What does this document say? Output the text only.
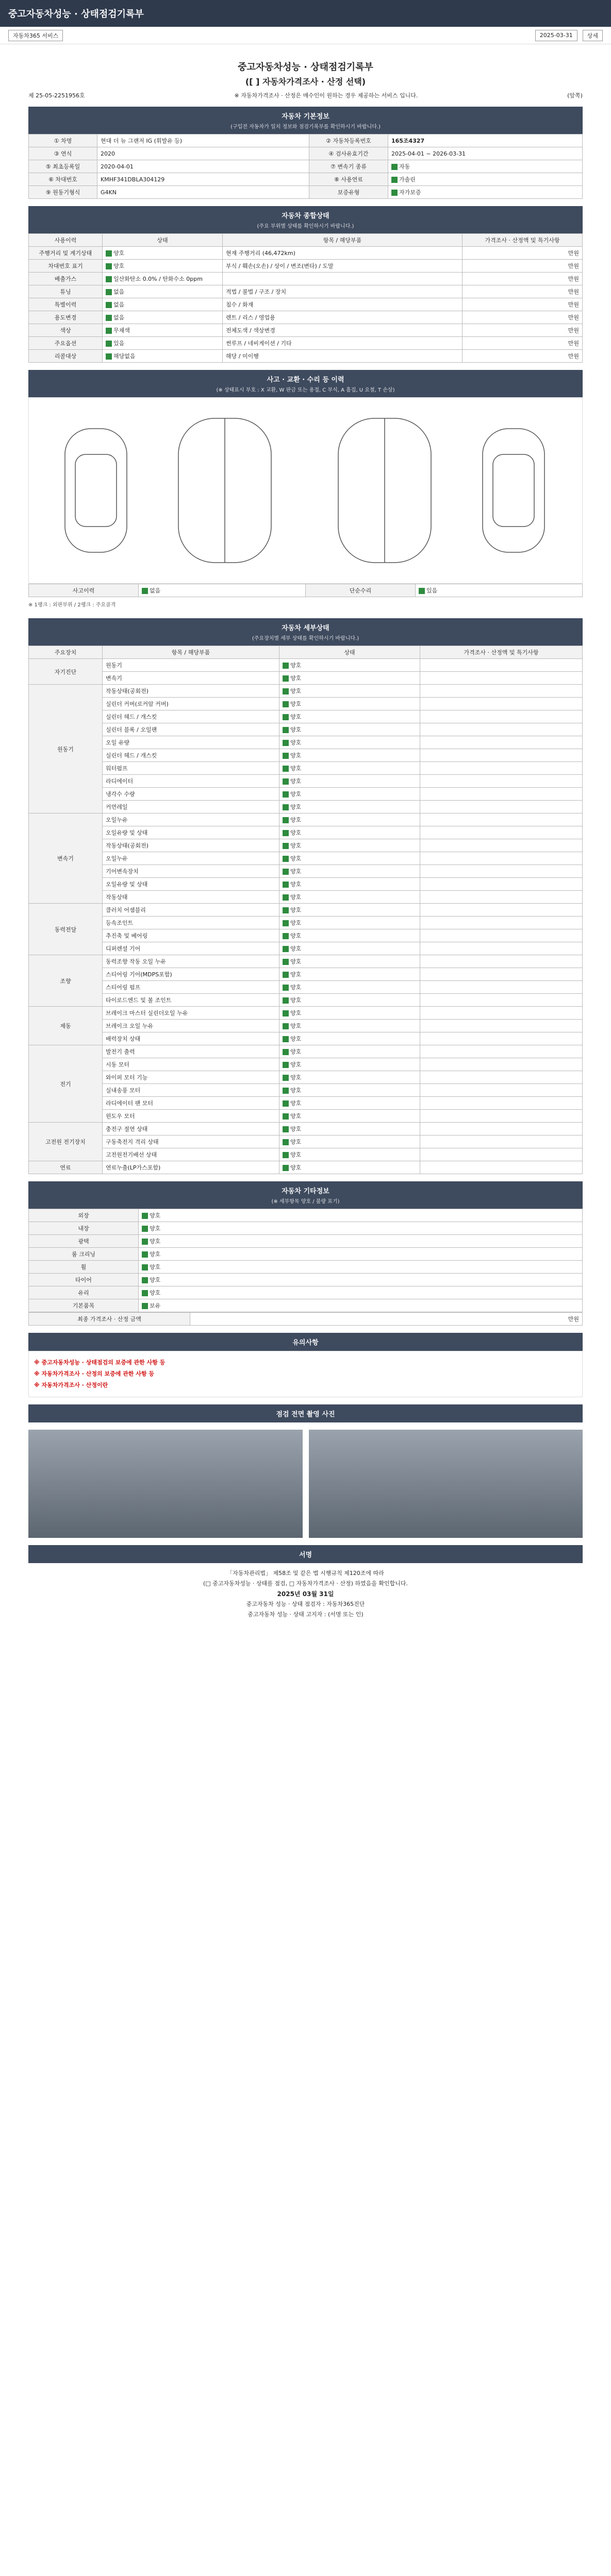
중고자동차성능 · 상태점검기록부
자동차365 서비스	2025-03-31	상세
중고자동차성능 · 상태점검기록부
([ ] 자동차가격조사 · 산정 선택)
제 25-05-2251956호	※ 자동차가격조사 · 산정은 매수인이 원하는 경우 제공하는 서비스 입니다.	(앞쪽)
자동차 기본정보
(구입전 자동차가 일치 정보와 점검기록부를 확인하시기 바랍니다.)
① 차명	현대 더 뉴 그랜저 IG (휘발유 등)	② 자동차등록번호	165조4327
③ 연식	2020	④ 검사유효기간	2025-04-01 ~ 2026-03-31
⑤ 최초등록일	2020-04-01	⑦ 변속기 종류	자동
⑥ 차대번호	KMHF341DBLA304129	⑧ 사용연료	가솔린
⑨ 원동기형식	G4KN	보증유형	자가보증
자동차 종합상태
(주요 부위별 상태를 확인하시기 바랍니다.)
사용이력	상태	항목 / 해당부품	가격조사 · 산정액 및 특기사항
주행거리 및 계기상태	양호	현재 주행거리 (46,472km)	만원
차대번호 표기	양호	부식 / 훼손(오손) / 상이 / 변조(변타) / 도말	만원
배출가스	일산화탄소 0.0% / 탄화수소 0ppm		만원
튜닝	없음	적법 / 불법 / 구조 / 장치	만원
특별이력	없음	침수 / 화재	만원
용도변경	없음	렌트 / 리스 / 영업용	만원
색상	무채색	전체도색 / 색상변경	만원
주요옵션	있음	썬루프 / 네비게이션 / 기타	만원
리콜대상	해당없음	해당 / 미이행	만원
사고 · 교환 · 수리 등 이력
(※ 상태표시 부호 : X 교환, W 판금 또는 용접, C 부식, A 흠집, U 요철, T 손상)
사고이력	없음	단순수리	있음
※ 1랭크 : 외판부위 / 2랭크 : 주요골격
자동차 세부상태
(주요장치별 세부 상태를 확인하시기 바랍니다.)
주요장치	항목 / 해당부품	상태	가격조사 · 산정액 및 특기사항
자기진단	원동기	양호	
	변속기	양호	
원동기	작동상태(공회전)	양호	
	실린더 커버(로커암 커버)	양호	
	실린더 헤드 / 개스킷	양호	
	실린더 블록 / 오일팬	양호	
	오일 유량	양호	
	실린더 헤드 / 개스킷	양호	
	워터펌프	양호	
	라디에이터	양호	
	냉각수 수량	양호	
	커먼레일	양호	
변속기	오일누유	양호	
	오일유량 및 상태	양호	
	작동상태(공회전)	양호	
	오일누유	양호	
	기어변속장치	양호	
	오일유량 및 상태	양호	
	작동상태	양호	
동력전달	클러치 어셈블리	양호	
	등속조인트	양호	
	추진축 및 베어링	양호	
	디퍼렌셜 기어	양호	
조향	동력조향 작동 오일 누유	양호	
	스티어링 기어(MDPS포함)	양호	
	스티어링 펌프	양호	
	타이로드엔드 및 볼 조인트	양호	
제동	브레이크 마스터 실린더오일 누유	양호	
	브레이크 오일 누유	양호	
	배력장치 상태	양호	
전기	발전기 출력	양호	
	시동 모터	양호	
	와이퍼 모터 기능	양호	
	실내송풍 모터	양호	
	라디에이터 팬 모터	양호	
	윈도우 모터	양호	
고전원 전기장치	충전구 절연 상태	양호	
	구동축전지 격리 상태	양호	
	고전원전기배선 상태	양호	
연료	연료누출(LP가스포함)	양호	
자동차 기타정보
(※ 세부항목 양호 / 불량 표기)
외장	양호
내장	양호
광택	양호
룸 크리닝	양호
휠	양호
타이어	양호
유리	양호
기본품목	보유
최종 가격조사 · 산정 금액	만원
유의사항
※ 중고자동차성능 · 상태점검의 보증에 관한 사항 등
※ 자동차가격조사 · 산정의 보증에 관한 사항 등
※ 자동차가격조사 · 산정이란
점검 전면 촬영 사진
서명
「자동차관리법」 제58조 및 같은 법 시행규칙 제120조에 따라
(□ 중고자동차성능 · 상태를 점검, □ 자동차가격조사 · 산정) 하였음을 확인합니다.
2025년 03월 31일
중고자동차 성능 · 상태 점검자 : 자동차365진단
중고자동차 성능 · 상태 고지자 : (서명 또는 인)
